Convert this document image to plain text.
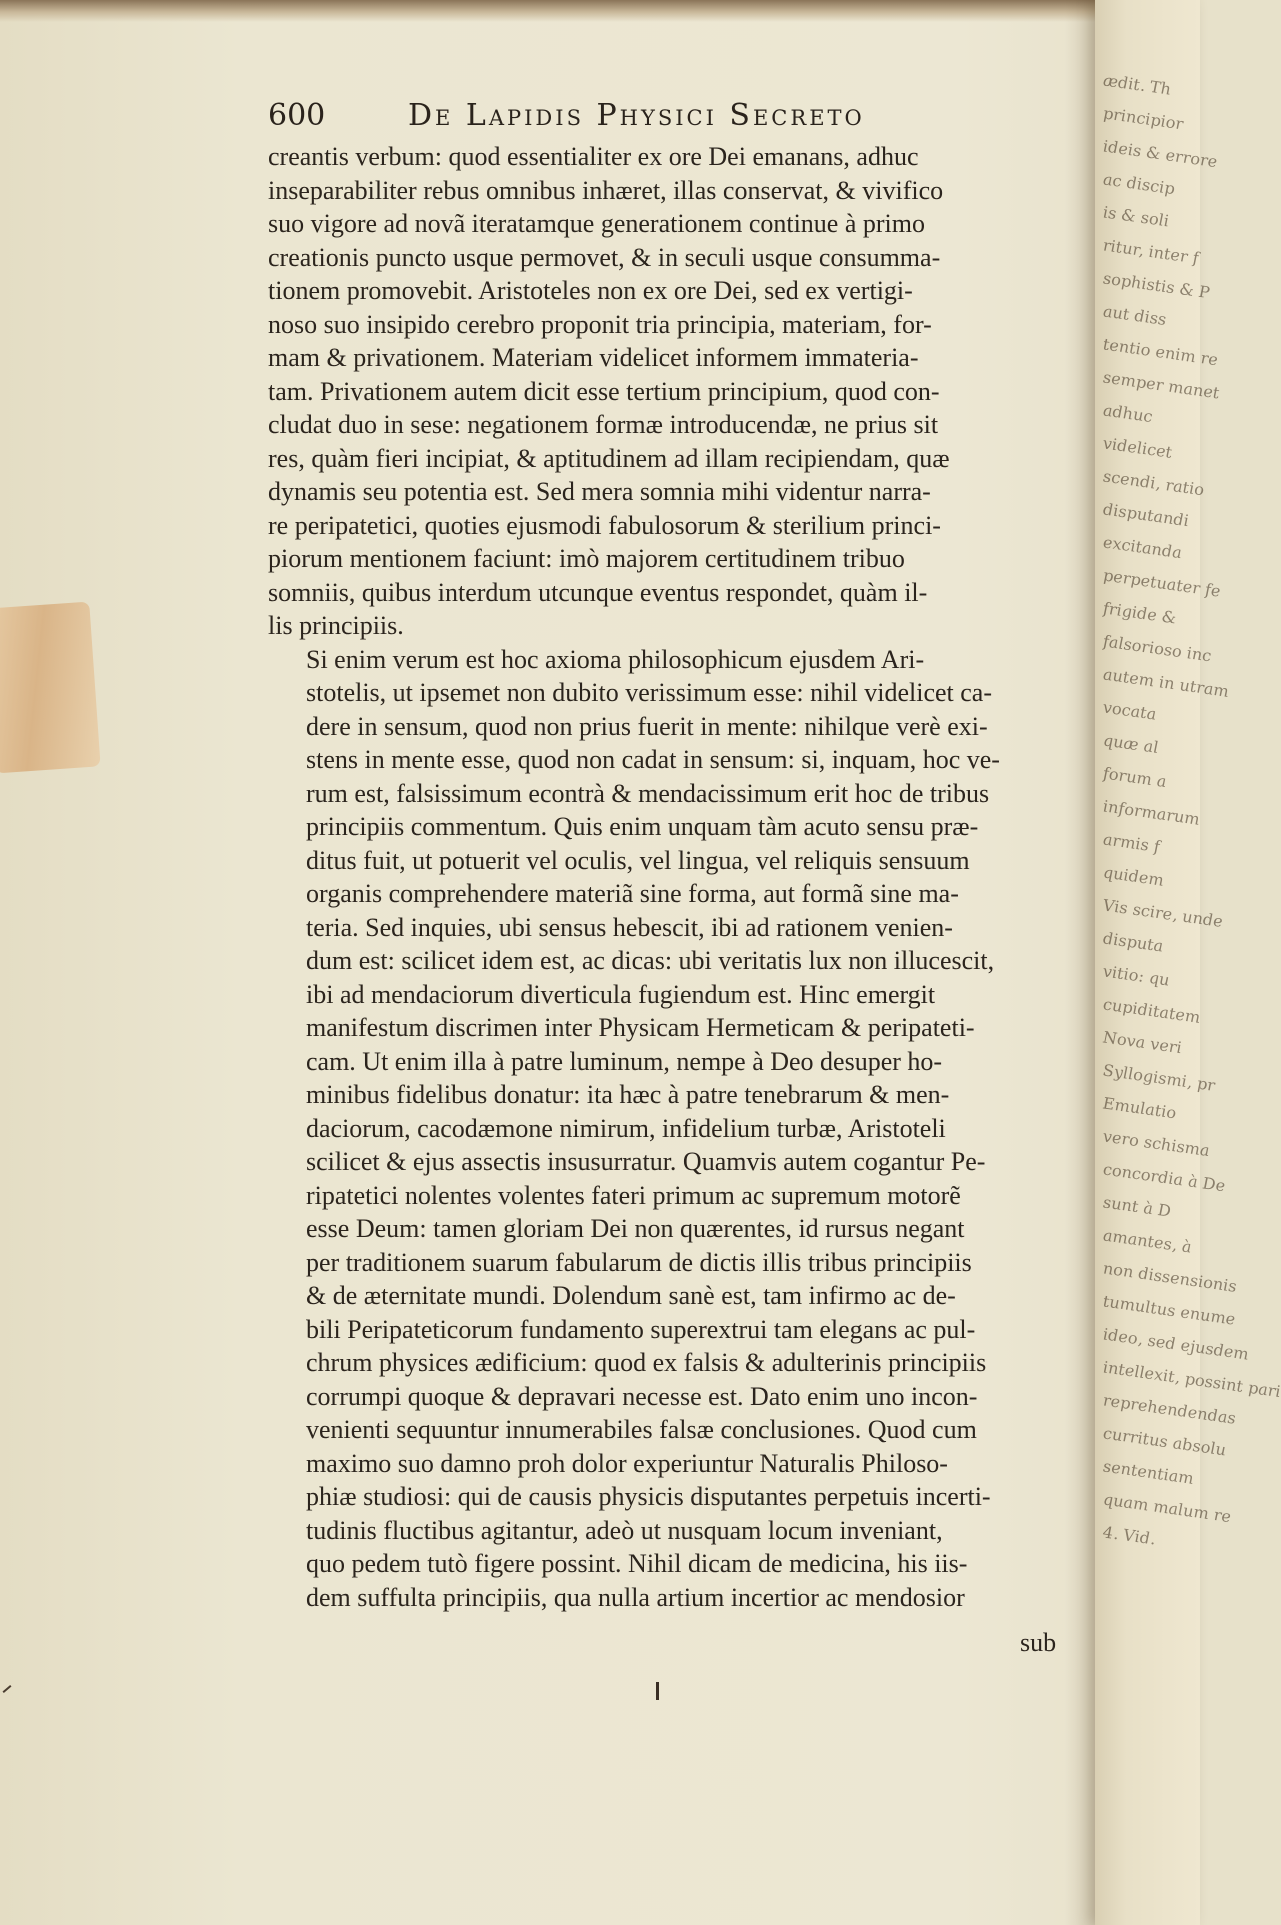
600	De Lapidis Physici Secreto

creantis verbum: quod essentialiter ex ore Dei emanans, adhuc
inseparabiliter rebus omnibus inhæret, illas conservat, & vivifico
suo vigore ad novã iteratamque generationem continue à primo
creationis puncto usque permovet, & in seculi usque consumma-
tionem promovebit. Aristoteles non ex ore Dei, sed ex vertigi-
noso suo insipido cerebro proponit tria principia, materiam, for-
mam & privationem. Materiam videlicet informem immateria-
tam. Privationem autem dicit esse tertium principium, quod con-
cludat duo in sese: negationem formæ introducendæ, ne prius sit
res, quàm fieri incipiat, & aptitudinem ad illam recipiendam, quæ
dynamis seu potentia est. Sed mera somnia mihi videntur narra-
re peripatetici, quoties ejusmodi fabulosorum & sterilium princi-
piorum mentionem faciunt: imò majorem certitudinem tribuo
somniis, quibus interdum utcunque eventus respondet, quàm il-
lis principiis.

Si enim verum est hoc axioma philosophicum ejusdem Ari-
stotelis, ut ipsemet non dubito verissimum esse: nihil videlicet ca-
dere in sensum, quod non prius fuerit in mente: nihilque verè exi-
stens in mente esse, quod non cadat in sensum: si, inquam, hoc ve-
rum est, falsissimum econtrà & mendacissimum erit hoc de tribus
principiis commentum. Quis enim unquam tàm acuto sensu præ-
ditus fuit, ut potuerit vel oculis, vel lingua, vel reliquis sensuum
organis comprehendere materiã sine forma, aut formã sine ma-
teria. Sed inquies, ubi sensus hebescit, ibi ad rationem venien-
dum est: scilicet idem est, ac dicas: ubi veritatis lux non illucescit,
ibi ad mendaciorum diverticula fugiendum est. Hinc emergit
manifestum discrimen inter Physicam Hermeticam & peripateti-
cam. Ut enim illa à patre luminum, nempe à Deo desuper ho-
minibus fidelibus donatur: ita hæc à patre tenebrarum & men-
daciorum, cacodæmone nimirum, infidelium turbæ, Aristoteli
scilicet & ejus assectis insusurratur. Quamvis autem cogantur Pe-
ripatetici nolentes volentes fateri primum ac supremum motorẽ
esse Deum: tamen gloriam Dei non quærentes, id rursus negant
per traditionem suarum fabularum de dictis illis tribus principiis
& de æternitate mundi. Dolendum sanè est, tam infirmo ac de-
bili Peripateticorum fundamento superextrui tam elegans ac pul-
chrum physices ædificium: quod ex falsis & adulterinis principiis
corrumpi quoque & depravari necesse est. Dato enim uno incon-
venienti sequuntur innumerabiles falsæ conclusiones. Quod cum
maximo suo damno proh dolor experiuntur Naturalis Philoso-
phiæ studiosi: qui de causis physicis disputantes perpetuis incerti-
tudinis fluctibus agitantur, adeò ut nusquam locum inveniant,
quo pedem tutò figere possint. Nihil dicam de medicina, his iis-
dem suffulta principiis, qua nulla artium incertior ac mendosior

sub
ædit. Th
principior
ideis & errore
ac discip
is & soli
ritur, inter f
sophistis & P
aut diss
tentio enim re
semper manet
adhuc
videlicet
scendi, ratio
disputandi
excitanda
perpetuater fe
frigide &
falsorioso inc
autem in utram
vocata
quæ al
forum a
informarum
armis f
quidem
Vis scire, unde
disputa
vitio: qu
cupiditatem
Nova veri
Syllogismi, pr
Emulatio
vero schisma
concordia à De
sunt à D
amantes, à
non dissensionis
tumultus enume
ideo, sed ejusdem
intellexit, possint pari
reprehendendas
curritus absolu
sententiam
quam malum re
4. Vid.
